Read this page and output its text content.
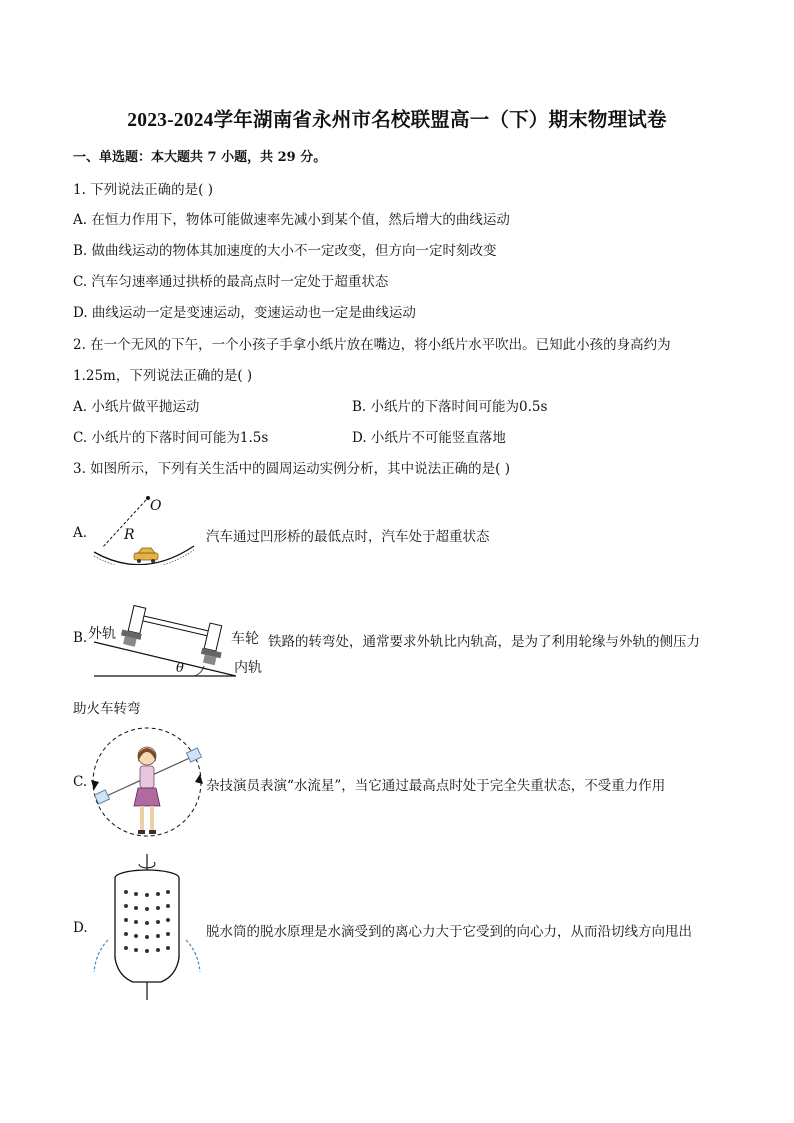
2023-2024学年湖南省永州市名校联盟高一（下）期末物理试卷
一、单选题：本大题共 7 小题，共 29 分。
1. 下列说法正确的是( )
A. 在恒力作用下，物体可能做速率先减小到某个值，然后增大的曲线运动
B. 做曲线运动的物体其加速度的大小不一定改变，但方向一定时刻改变
C. 汽车匀速率通过拱桥的最高点时一定处于超重状态
D. 曲线运动一定是变速运动，变速运动也一定是曲线运动
2. 在一个无风的下午，一个小孩子手拿小纸片放在嘴边，将小纸片水平吹出。已知此小孩的身高约为
1.25m，下列说法正确的是( )
A. 小纸片做平抛运动	B. 小纸片的下落时间可能为0.5s
C. 小纸片的下落时间可能为1.5s	D. 小纸片不可能竖直落地
3. 如图所示，下列有关生活中的圆周运动实例分析，其中说法正确的是( )
A.
O
R	汽车通过凹形桥的最低点时，汽车处于超重状态
B.
θ
外轨	车轮
内轨
铁路的转弯处，通常要求外轨比内轨高，是为了利用轮缘与外轨的侧压力
助火车转弯
C.	杂技演员表演“水流星”，当它通过最高点时处于完全失重状态，不受重力作用
D.	脱水筒的脱水原理是水滴受到的离心力大于它受到的向心力，从而沿切线方向甩出
